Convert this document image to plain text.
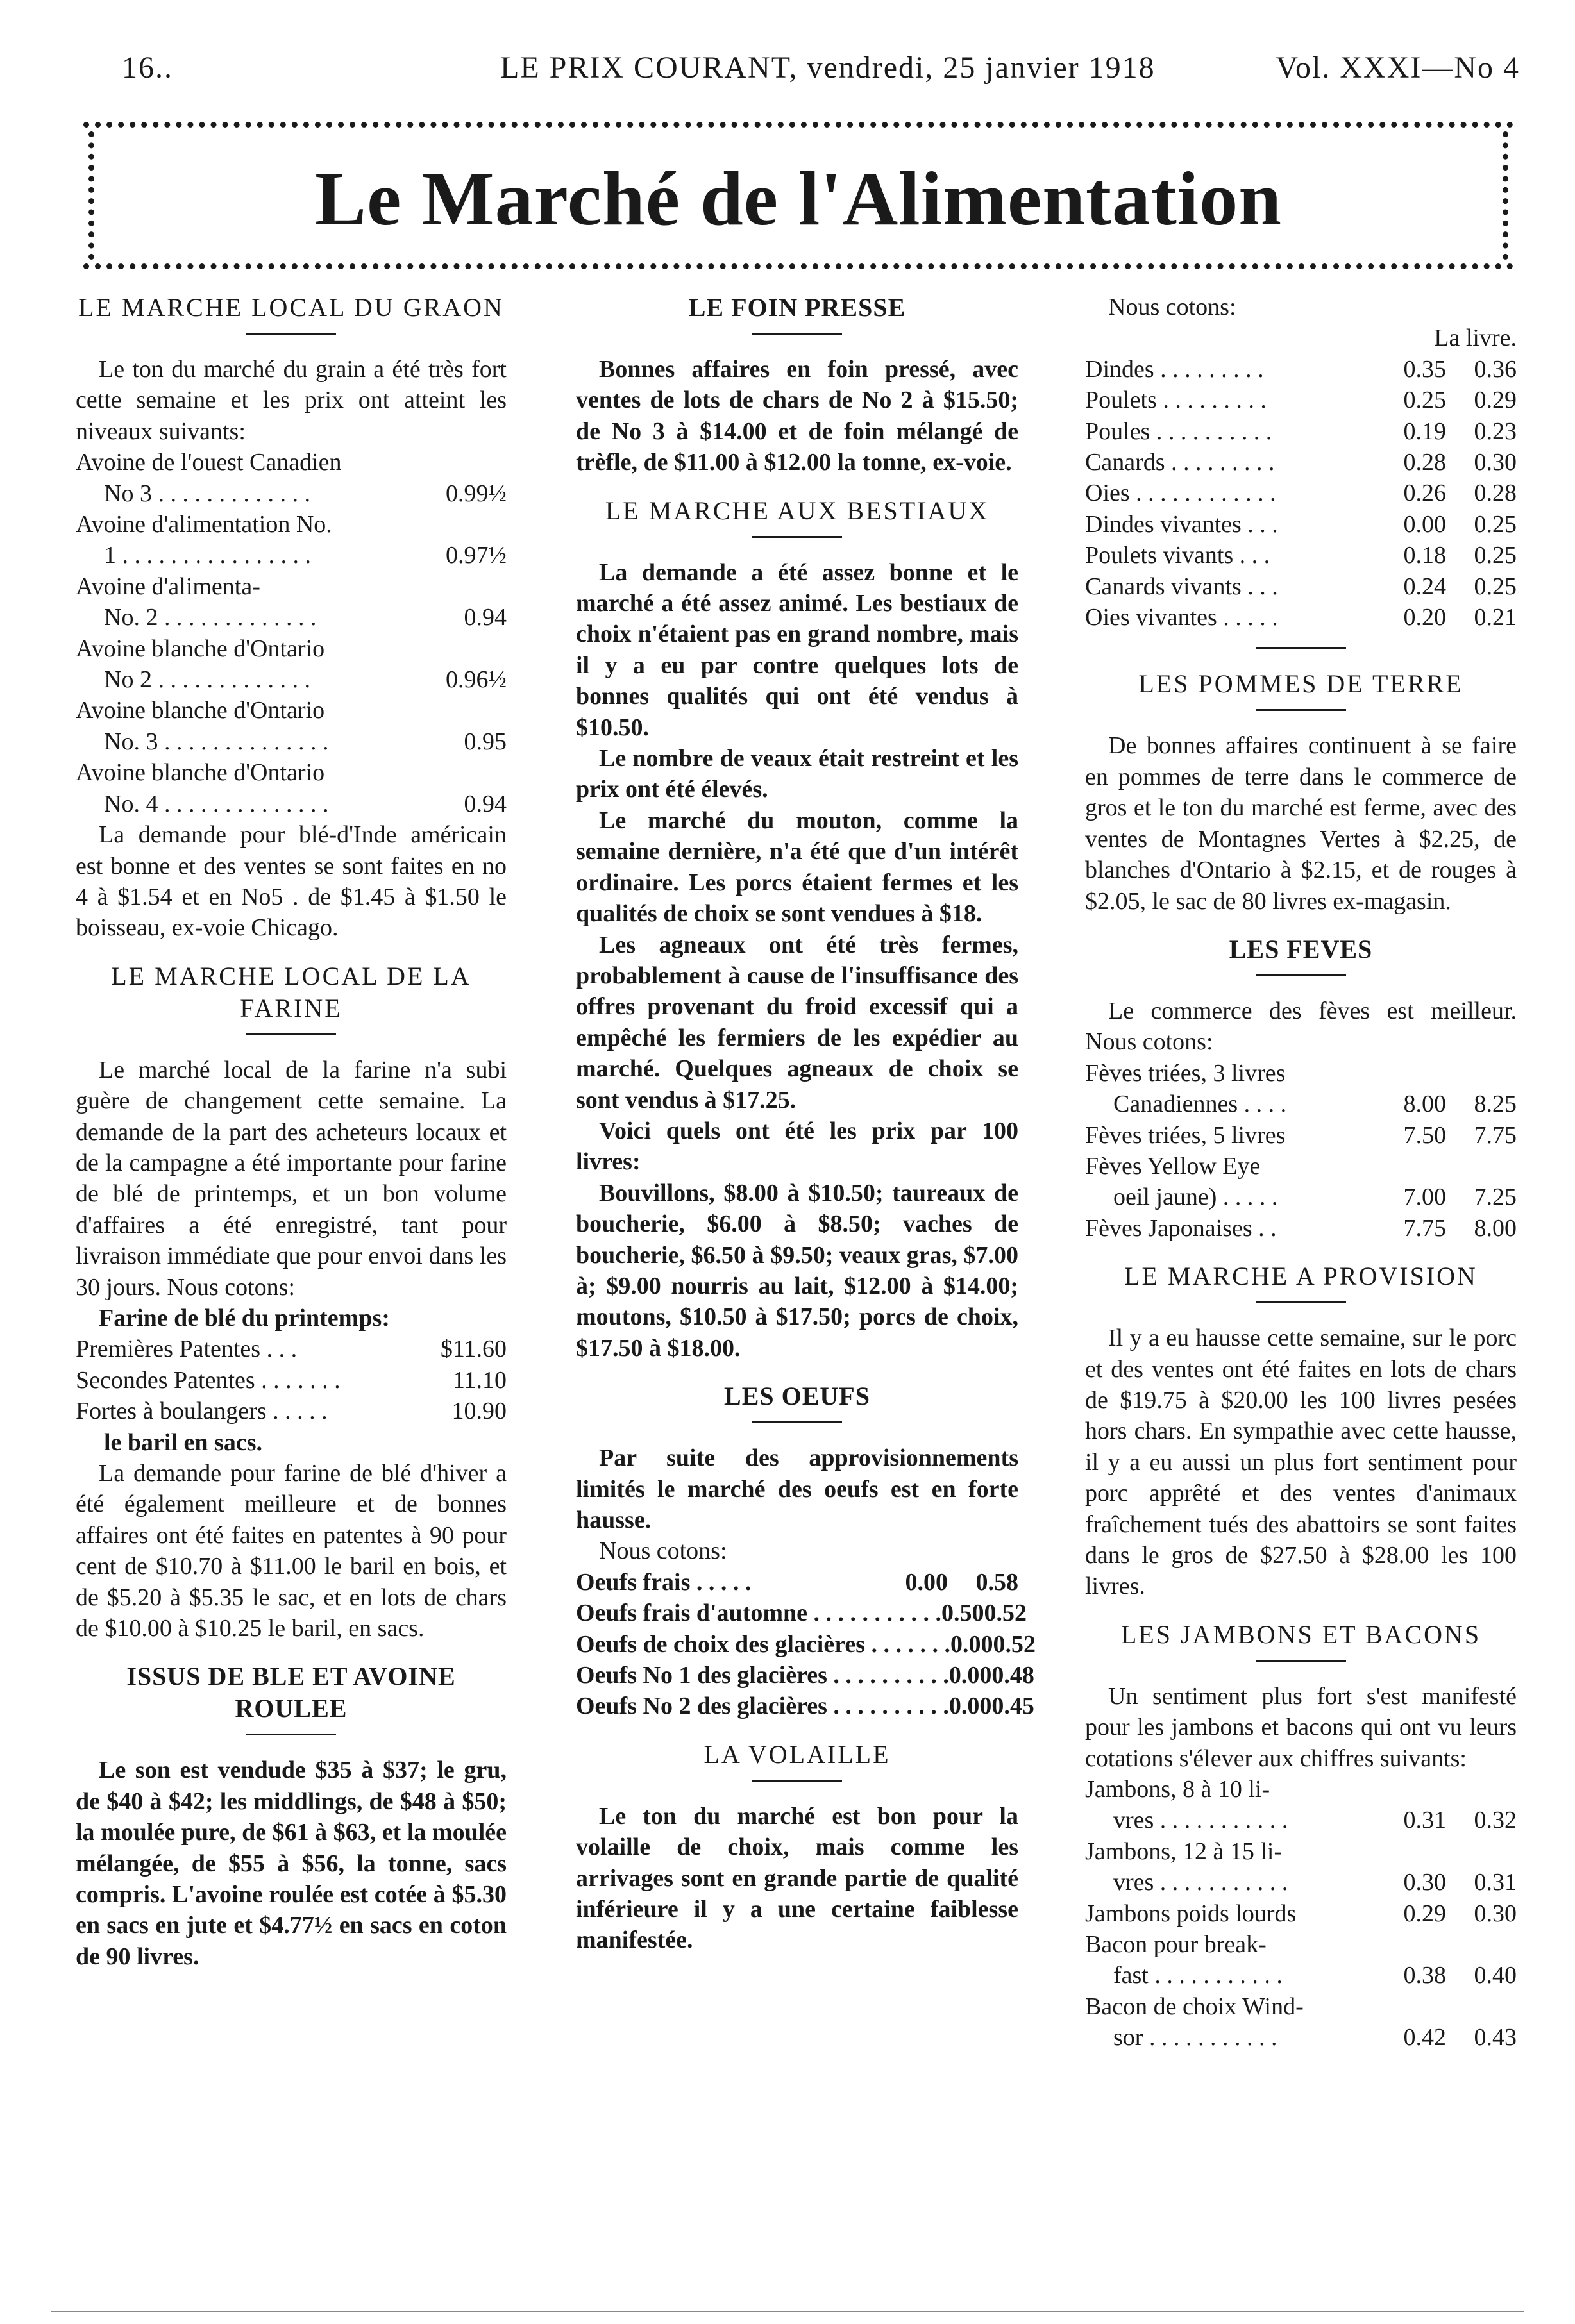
16..	LE PRIX COURANT, vendredi, 25 janvier 1918	Vol. XXXI—No 4
Le Marché de l'Alimentation
LE MARCHE LOCAL DU GRAON

Le ton du marché du grain a été très fort cette semaine et les prix ont atteint les niveaux suivants:

Avoine de l'ouest Canadien
No 3 . . . . . . . . . . . . .	0.99½
Avoine d'alimentation No.
1 . . . . . . . . . . . . . . . .	0.97½
Avoine d'alimenta-
No. 2 . . . . . . . . . . . . .	0.94
Avoine blanche d'Ontario
No 2 . . . . . . . . . . . . .	0.96½
Avoine blanche d'Ontario
No. 3 . . . . . . . . . . . . . .	0.95
Avoine blanche d'Ontario
No. 4 . . . . . . . . . . . . . .	0.94

La demande pour blé-d'Inde américain est bonne et des ventes se sont faites en no 4 à $1.54 et en No5 . de $1.45 à $1.50 le boisseau, ex-voie Chicago.

LE MARCHE LOCAL DE LA FARINE

Le marché local de la farine n'a subi guère de changement cette semaine. La demande de la part des acheteurs locaux et de la campagne a été importante pour farine de blé de printemps, et un bon volume d'affaires a été enregistré, tant pour livraison immédiate que pour envoi dans les 30 jours. Nous cotons:

Farine de blé du printemps:
Premières Patentes . . .	$11.60
Secondes Patentes . . . . . . .	11.10
Fortes à boulangers . . . . .	10.90
le baril en sacs.

La demande pour farine de blé d'hiver a été également meilleure et de bonnes affaires ont été faites en patentes à 90 pour cent de $10.70 à $11.00 le baril en bois, et de $5.20 à $5.35 le sac, et en lots de chars de $10.00 à $10.25 le baril, en sacs.

ISSUS DE BLE ET AVOINE ROULEE

Le son est vendude $35 à $37; le gru, de $40 à $42; les middlings, de $48 à $50; la moulée pure, de $61 à $63, et la moulée mélangée, de $55 à $56, la tonne, sacs compris. L'avoine roulée est cotée à $5.30 en sacs en jute et $4.77½ en sacs en coton de 90 livres.

LE FOIN PRESSE

Bonnes affaires en foin pressé, avec ventes de lots de chars de No 2 à $15.50; de No 3 à $14.00 et de foin mélangé de trèfle, de $11.00 à $12.00 la tonne, ex-voie.

LE MARCHE AUX BESTIAUX

La demande a été assez bonne et le marché a été assez animé. Les bestiaux de choix n'étaient pas en grand nombre, mais il y a eu par contre quelques lots de bonnes qualités qui ont été vendus à $10.50.

Le nombre de veaux était restreint et les prix ont été élevés.

Le marché du mouton, comme la semaine dernière, n'a été que d'un intérêt ordinaire. Les porcs étaient fermes et les qualités de choix se sont vendues à $18.

Les agneaux ont été très fermes, probablement à cause de l'insuffisance des offres provenant du froid excessif qui a empêché les fermiers de les expédier au marché. Quelques agneaux de choix se sont vendus à $17.25.

Voici quels ont été les prix par 100 livres:

Bouvillons, $8.00 à $10.50; taureaux de boucherie, $6.00 à $8.50; vaches de boucherie, $6.50 à $9.50; veaux gras, $7.00 à; $9.00 nourris au lait, $12.00 à $14.00; moutons, $10.50 à $17.50; porcs de choix, $17.50 à $18.00.

LES OEUFS

Par suite des approvisionnements limités le marché des oeufs est en forte hausse.

Nous cotons:

Oeufs frais . . . . .	0.00	0.58
Oeufs frais d'automne . . . . . . . . . . . 0.50 0.52
Oeufs de choix des glacières . . . . . . . 0.00 0.52
Oeufs No 1 des glacières . . . . . . . . . . 0.00 0.48
Oeufs No 2 des glacières . . . . . . . . . . 0.00 0.45
LA VOLAILLE

Le ton du marché est bon pour la volaille de choix, mais comme les arrivages sont en grande partie de qualité inférieure il y a une certaine faiblesse manifestée.

Nous cotons:

La livre.
Dindes . . . . . . . . .	0.35	0.36
Poulets . . . . . . . . .	0.25	0.29
Poules . . . . . . . . . .	0.19	0.23
Canards . . . . . . . . .	0.28	0.30
Oies . . . . . . . . . . . .	0.26	0.28
Dindes vivantes . . .	0.00	0.25
Poulets vivants . . .	0.18	0.25
Canards vivants . . .	0.24	0.25
Oies vivantes . . . . .	0.20	0.21
LES POMMES DE TERRE

De bonnes affaires continuent à se faire en pommes de terre dans le commerce de gros et le ton du marché est ferme, avec des ventes de Montagnes Vertes à $2.25, de blanches d'Ontario à $2.15, et de rouges à $2.05, le sac de 80 livres ex-magasin.

LES FEVES

Le commerce des fèves est meilleur. Nous cotons:

Fèves triées, 3 livres
Canadiennes . . . .	8.00	8.25
Fèves triées, 5 livres	7.50	7.75
Fèves Yellow Eye
oeil jaune) . . . . .	7.00	7.25
Fèves Japonaises . .	7.75	8.00
LE MARCHE A PROVISION

Il y a eu hausse cette semaine, sur le porc et des ventes ont été faites en lots de chars de $19.75 à $20.00 les 100 livres pesées hors chars. En sympathie avec cette hausse, il y a eu aussi un plus fort sentiment pour porc apprêté et des ventes d'animaux fraîchement tués des abattoirs se sont faites dans le gros de $27.50 à $28.00 les 100 livres.

LES JAMBONS ET BACONS

Un sentiment plus fort s'est manifesté pour les jambons et bacons qui ont vu leurs cotations s'élever aux chiffres suivants:

Jambons, 8 à 10 li-
vres . . . . . . . . . . .	0.31	0.32
Jambons, 12 à 15 li-
vres . . . . . . . . . . .	0.30	0.31
Jambons poids lourds	0.29	0.30
Bacon pour break-
fast . . . . . . . . . . .	0.38	0.40
Bacon de choix Wind-
sor . . . . . . . . . . .	0.42	0.43
